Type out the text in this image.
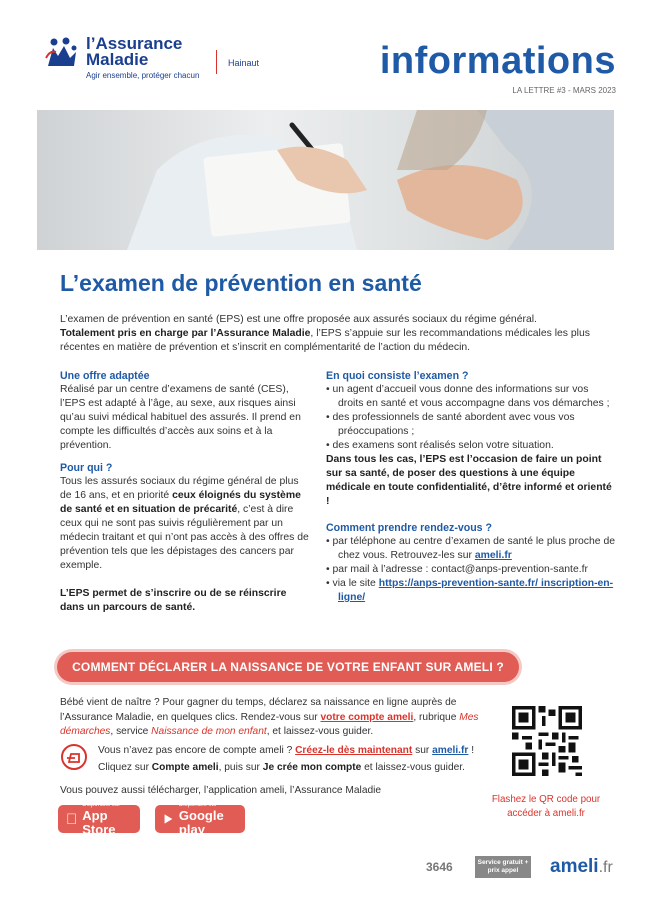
l’Assurance
Maladie
Agir ensemble, protéger chacun
Hainaut	informations
LA LETTRE #3 - MARS 2023
L’examen de prévention en santé

L’examen de prévention en santé (EPS) est une offre proposée aux assurés sociaux du régime général.
Totalement pris en charge par l’Assurance Maladie, l’EPS s’appuie sur les recommandations médicales les plus récentes en matière de prévention et s’inscrit en complémentarité de l’action du médecin.

Une offre adaptée

Réalisé par un centre d’examens de santé (CES), l’EPS est adapté à l’âge, au sexe, aux risques ainsi qu’au suivi médical habituel des assurés. Il prend en compte les difficultés d’accès aux soins et à la prévention.

Pour qui ?

Tous les assurés sociaux du régime général de plus de 16 ans, et en priorité ceux éloignés du système de santé et en situation de précarité, c’est à dire ceux qui ne sont pas suivis régulièrement par un médecin traitant et qui n’ont pas accès à des offres de prévention tels que les dépistages des cancers par exemple.

L’EPS permet de s’inscrire ou de se réinscrire dans un parcours de santé.

En quoi consiste l’examen ?

• un agent d’accueil vous donne des informations sur vos droits en santé et vous accompagne dans vos démarches ;

• des professionnels de santé abordent avec vous vos préoccupations ;

• des examens sont réalisés selon votre situation.

Dans tous les cas, l’EPS est l’occasion de faire un point sur sa santé, de poser des questions à une équipe médicale en toute confidentialité, d’être informé et orienté !

Comment prendre rendez-vous ?

• par téléphone au centre d’examen de santé le plus proche de chez vous. Retrouvez-les sur ameli.fr

• par mail à l’adresse : contact@anps-prevention-sante.fr

• via le site https://anps-prevention-sante.fr/ inscription-en-ligne/

COMMENT DÉCLARER LA NAISSANCE DE VOTRE ENFANT SUR AMELI ?

Bébé vient de naître ? Pour gagner du temps, déclarez sa naissance en ligne auprès de l’Assurance Maladie, en quelques clics. Rendez-vous sur votre compte ameli, rubrique Mes démarches, service Naissance de mon enfant, et laissez-vous guider.

Vous n’avez pas encore de compte ameli ? Créez-le dès maintenant sur ameli.fr !
Cliquez sur Compte ameli, puis sur Je crée mon compte et laissez-vous guider.
Vous pouvez aussi télécharger, l’application ameli, l’Assurance Maladie
Disponible sur
App Store
Disponible sur
Google play
Flashez le QR code pour accéder à ameli.fr
3646	Service gratuit + prix appel	ameli.fr
